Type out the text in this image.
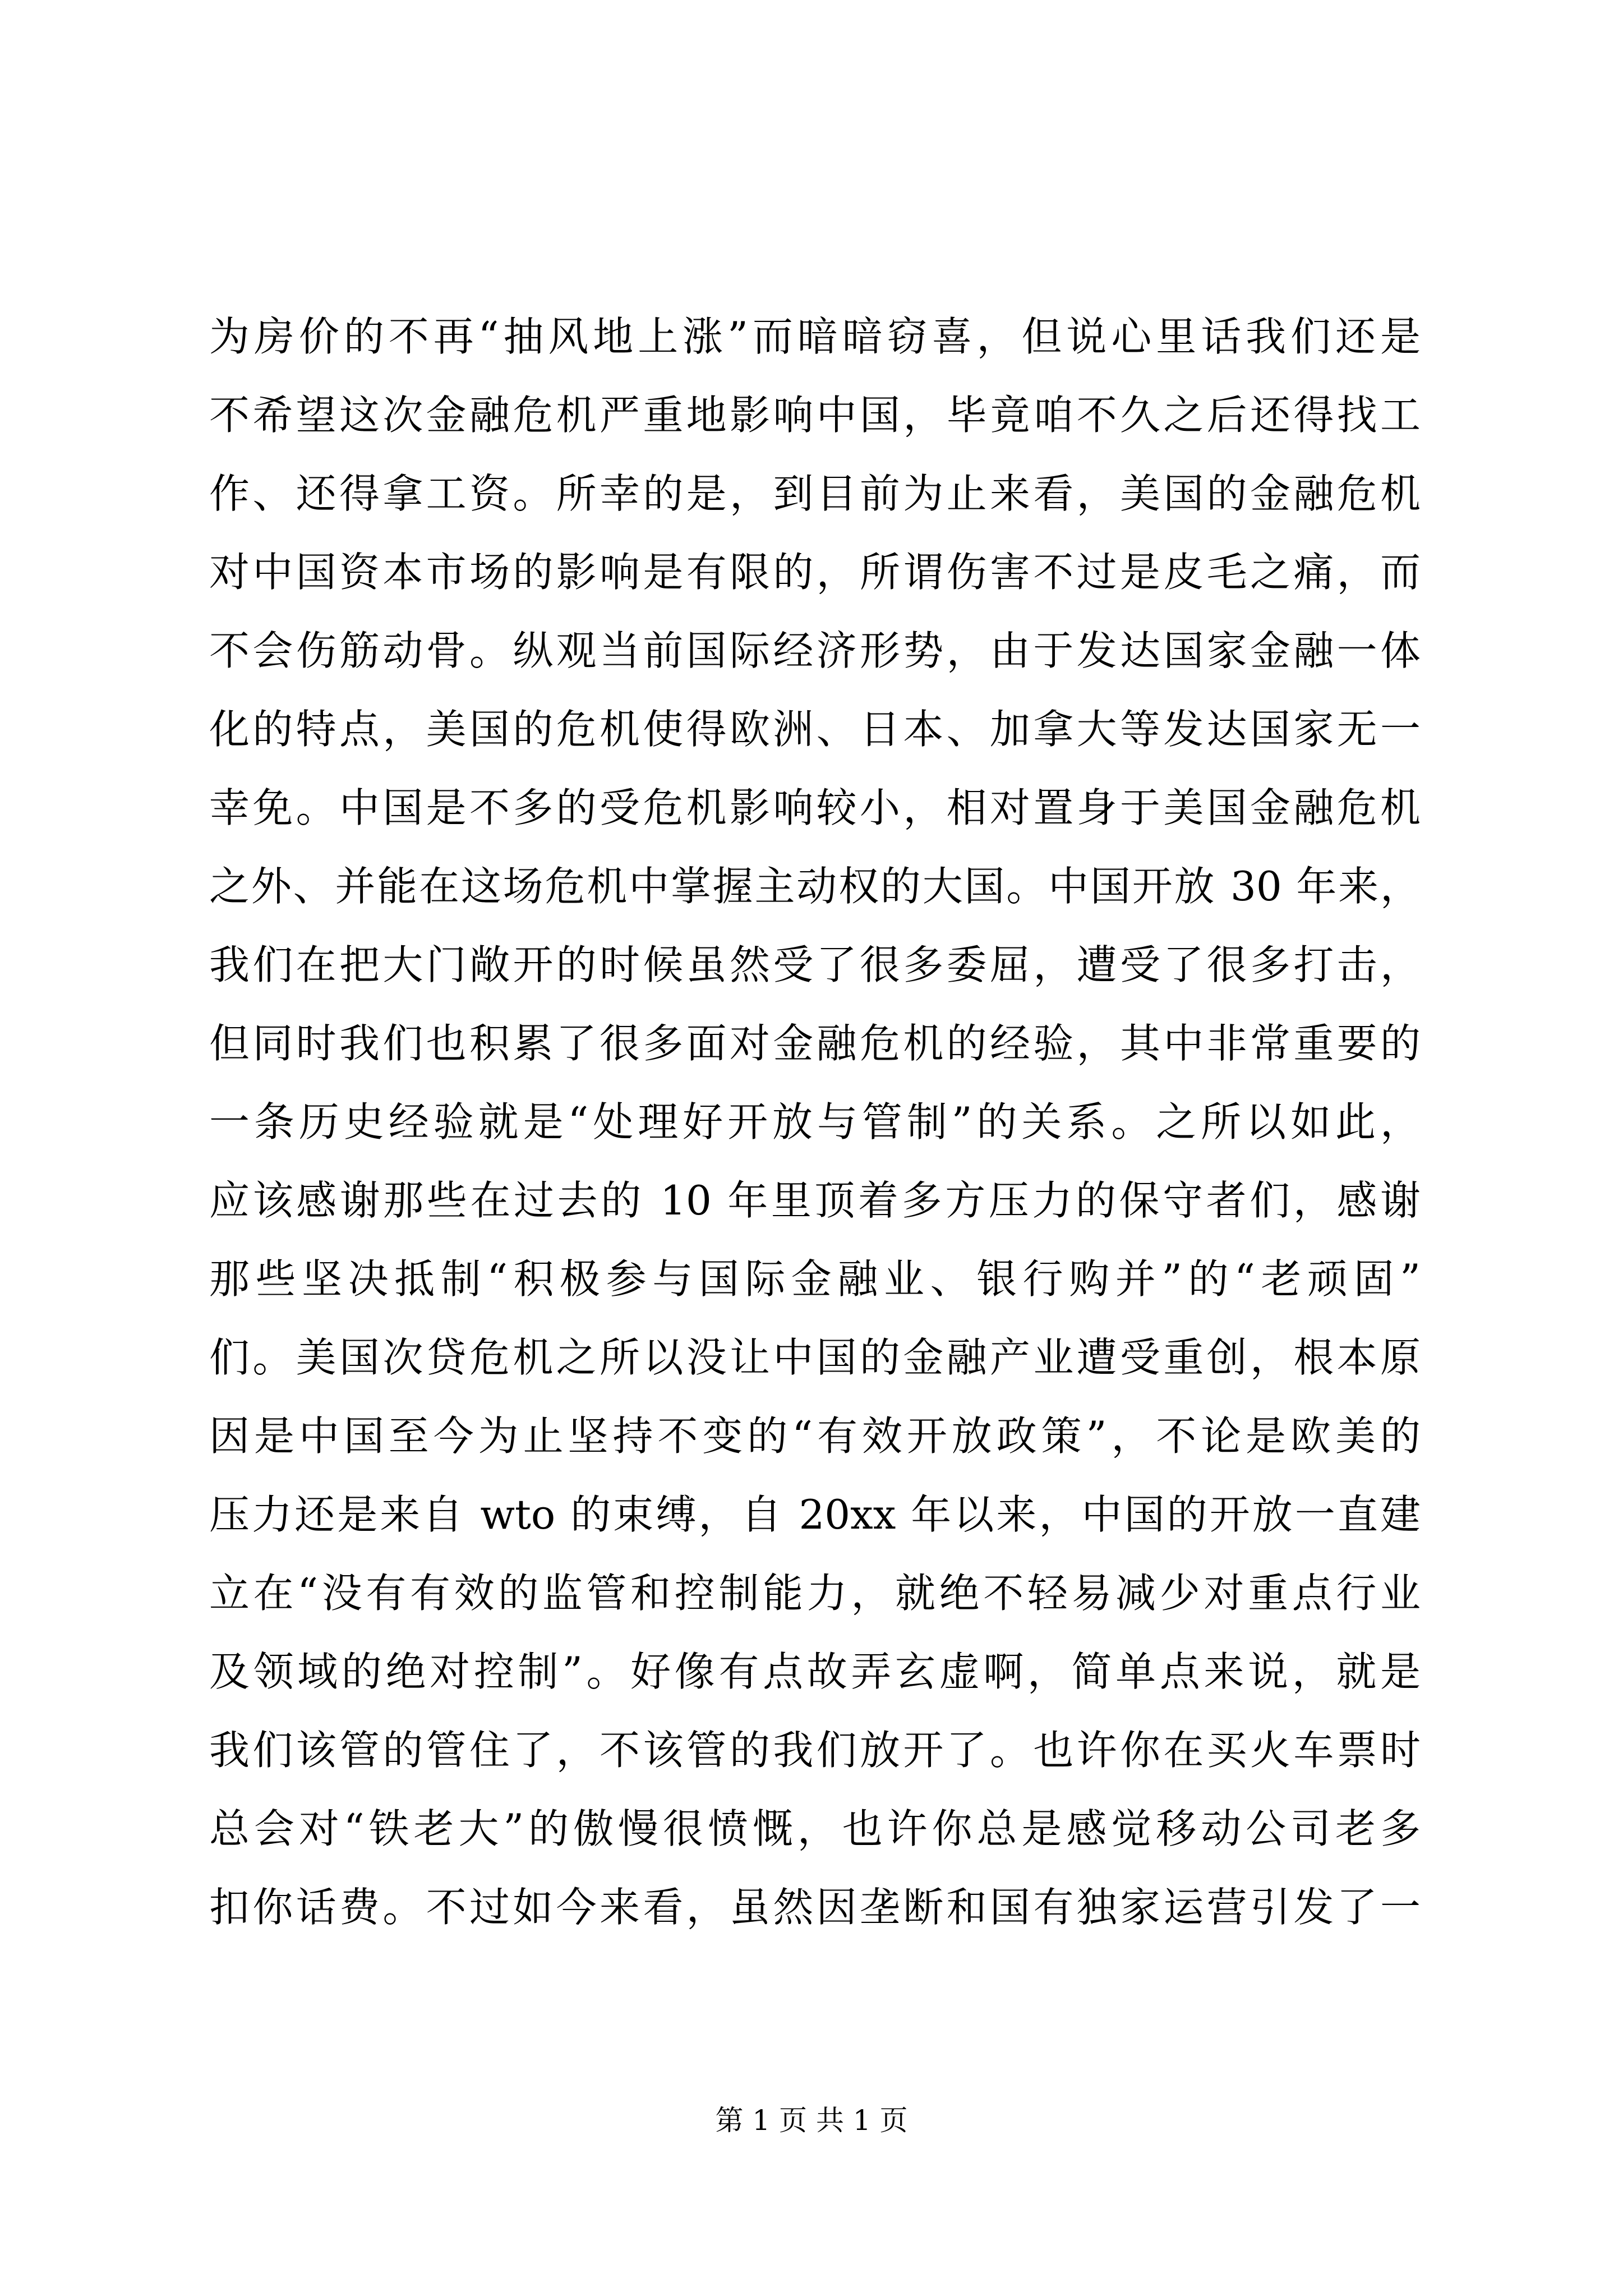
为房价的不再“抽风地上涨”而暗暗窃喜，但说心里话我们还是
不希望这次金融危机严重地影响中国，毕竟咱不久之后还得找工
作、还得拿工资。所幸的是，到目前为止来看，美国的金融危机
对中国资本市场的影响是有限的，所谓伤害不过是皮毛之痛，而
不会伤筋动骨。纵观当前国际经济形势，由于发达国家金融一体
化的特点，美国的危机使得欧洲、日本、加拿大等发达国家无一
幸免。中国是不多的受危机影响较小，相对置身于美国金融危机
之外、并能在这场危机中掌握主动权的大国。中国开放 30 年来，
我们在把大门敞开的时候虽然受了很多委屈，遭受了很多打击，
但同时我们也积累了很多面对金融危机的经验，其中非常重要的
一条历史经验就是“处理好开放与管制”的关系。之所以如此，
应该感谢那些在过去的 10 年里顶着多方压力的保守者们，感谢
那些坚决抵制“积极参与国际金融业、银行购并”的“老顽固”
们。美国次贷危机之所以没让中国的金融产业遭受重创，根本原
因是中国至今为止坚持不变的“有效开放政策”，不论是欧美的
压力还是来自 wto 的束缚，自 20xx 年以来，中国的开放一直建
立在“没有有效的监管和控制能力，就绝不轻易减少对重点行业
及领域的绝对控制”。好像有点故弄玄虚啊，简单点来说，就是
我们该管的管住了，不该管的我们放开了。也许你在买火车票时
总会对“铁老大”的傲慢很愤慨，也许你总是感觉移动公司老多
扣你话费。不过如今来看，虽然因垄断和国有独家运营引发了一
第 1 页 共 1 页
